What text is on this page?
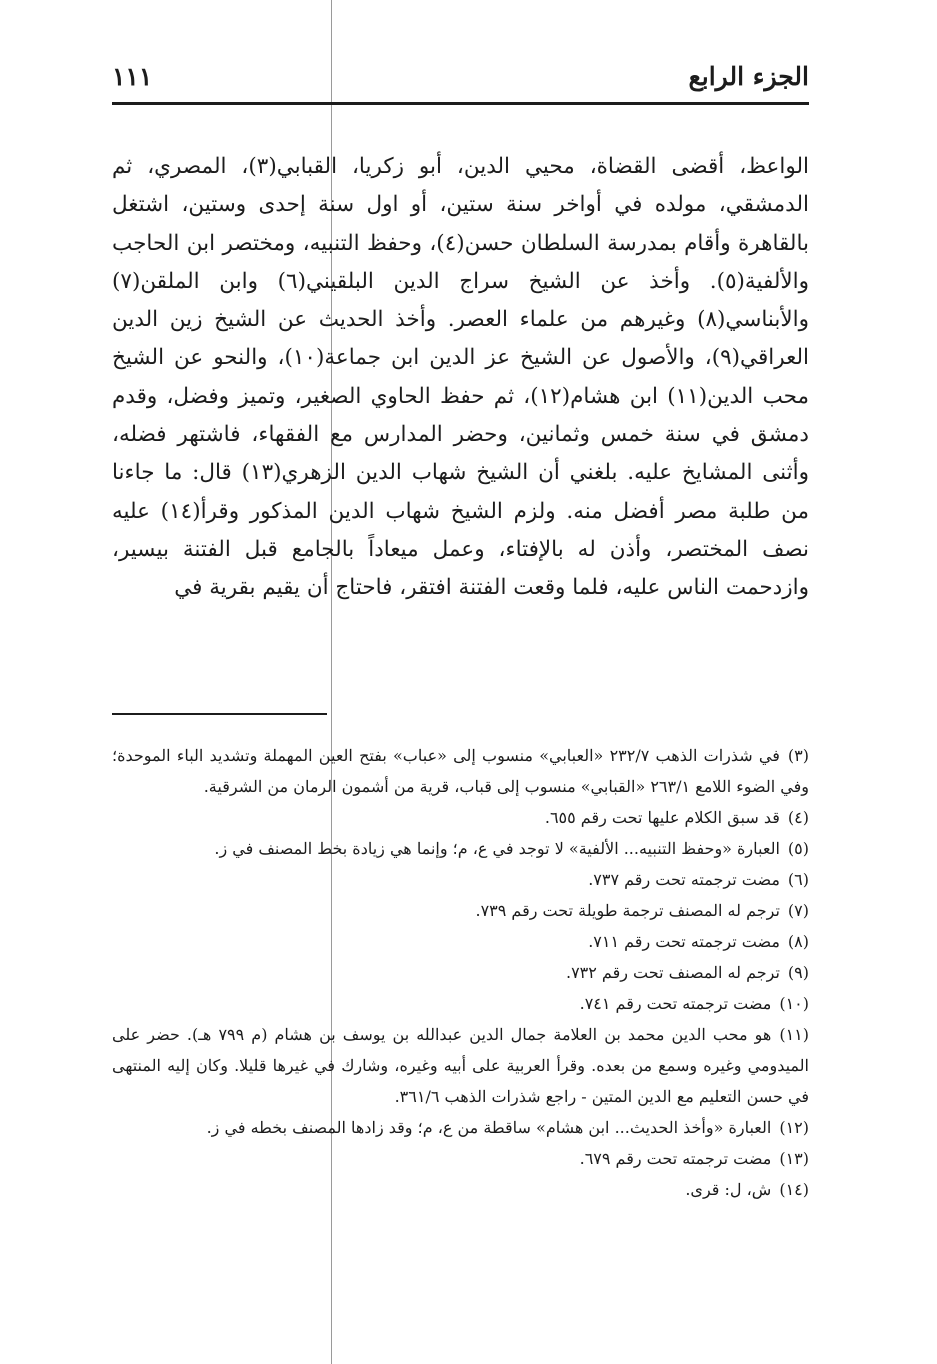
الجزء الرابع
١١١

الواعظ، أقضى القضاة، محيي الدين، أبو زكريا، القبابي(٣)، المصري، ثم الدمشقي، مولده في أواخر سنة ستين، أو اول سنة إحدى وستين، اشتغل بالقاهرة وأقام بمدرسة السلطان حسن(٤)، وحفظ التنبيه، ومختصر ابن الحاجب والألفية(٥). وأخذ عن الشيخ سراج الدين البلقيني(٦) وابن الملقن(٧) والأبناسي(٨) وغيرهم من علماء العصر. وأخذ الحديث عن الشيخ زين الدين العراقي(٩)، والأصول عن الشيخ عز الدين ابن جماعة(١٠)، والنحو عن الشيخ محب الدين(١١) ابن هشام(١٢)، ثم حفظ الحاوي الصغير، وتميز وفضل، وقدم دمشق في سنة خمس وثمانين، وحضر المدارس مع الفقهاء، فاشتهر فضله، وأثنى المشايخ عليه. بلغني أن الشيخ شهاب الدين الزهري(١٣) قال: ما جاءنا من طلبة مصر أفضل منه. ولزم الشيخ شهاب الدين المذكور وقرأ(١٤) عليه نصف المختصر، وأذن له بالإفتاء، وعمل ميعاداً بالجامع قبل الفتنة بيسير، وازدحمت الناس عليه، فلما وقعت الفتنة افتقر، فاحتاج أن يقيم بقرية في

(٣)في شذرات الذهب ٢٣٢/٧ «العبابي» منسوب إلى «عباب» بفتح العين المهملة وتشديد الباء الموحدة؛ وفي الضوء اللامع ٢٦٣/١ «القبابي» منسوب إلى قباب، قرية من أشمون الرمان من الشرقية.

(٤)قد سبق الكلام عليها تحت رقم ٦٥٥.

(٥)العبارة «وحفظ التنبيه... الألفية» لا توجد في ع، م؛ وإنما هي زيادة بخط المصنف في ز.

(٦)مضت ترجمته تحت رقم ٧٣٧.

(٧)ترجم له المصنف ترجمة طويلة تحت رقم ٧٣٩.

(٨)مضت ترجمته تحت رقم ٧١١.

(٩)ترجم له المصنف تحت رقم ٧٣٢.

(١٠)مضت ترجمته تحت رقم ٧٤١.

(١١)هو محب الدين محمد بن العلامة جمال الدين عبدالله بن يوسف بن هشام (م ٧٩٩ هـ). حضر على الميدومي وغيره وسمع من بعده. وقرأ العربية على أبيه وغيره، وشارك في غيرها قليلا. وكان إليه المنتهى في حسن التعليم مع الدين المتين - راجع شذرات الذهب ٣٦١/٦.

(١٢)العبارة «وأخذ الحديث... ابن هشام» ساقطة من ع، م؛ وقد زادها المصنف بخطه في ز.

(١٣)مضت ترجمته تحت رقم ٦٧٩.

(١٤)ش، ل: قرى.
